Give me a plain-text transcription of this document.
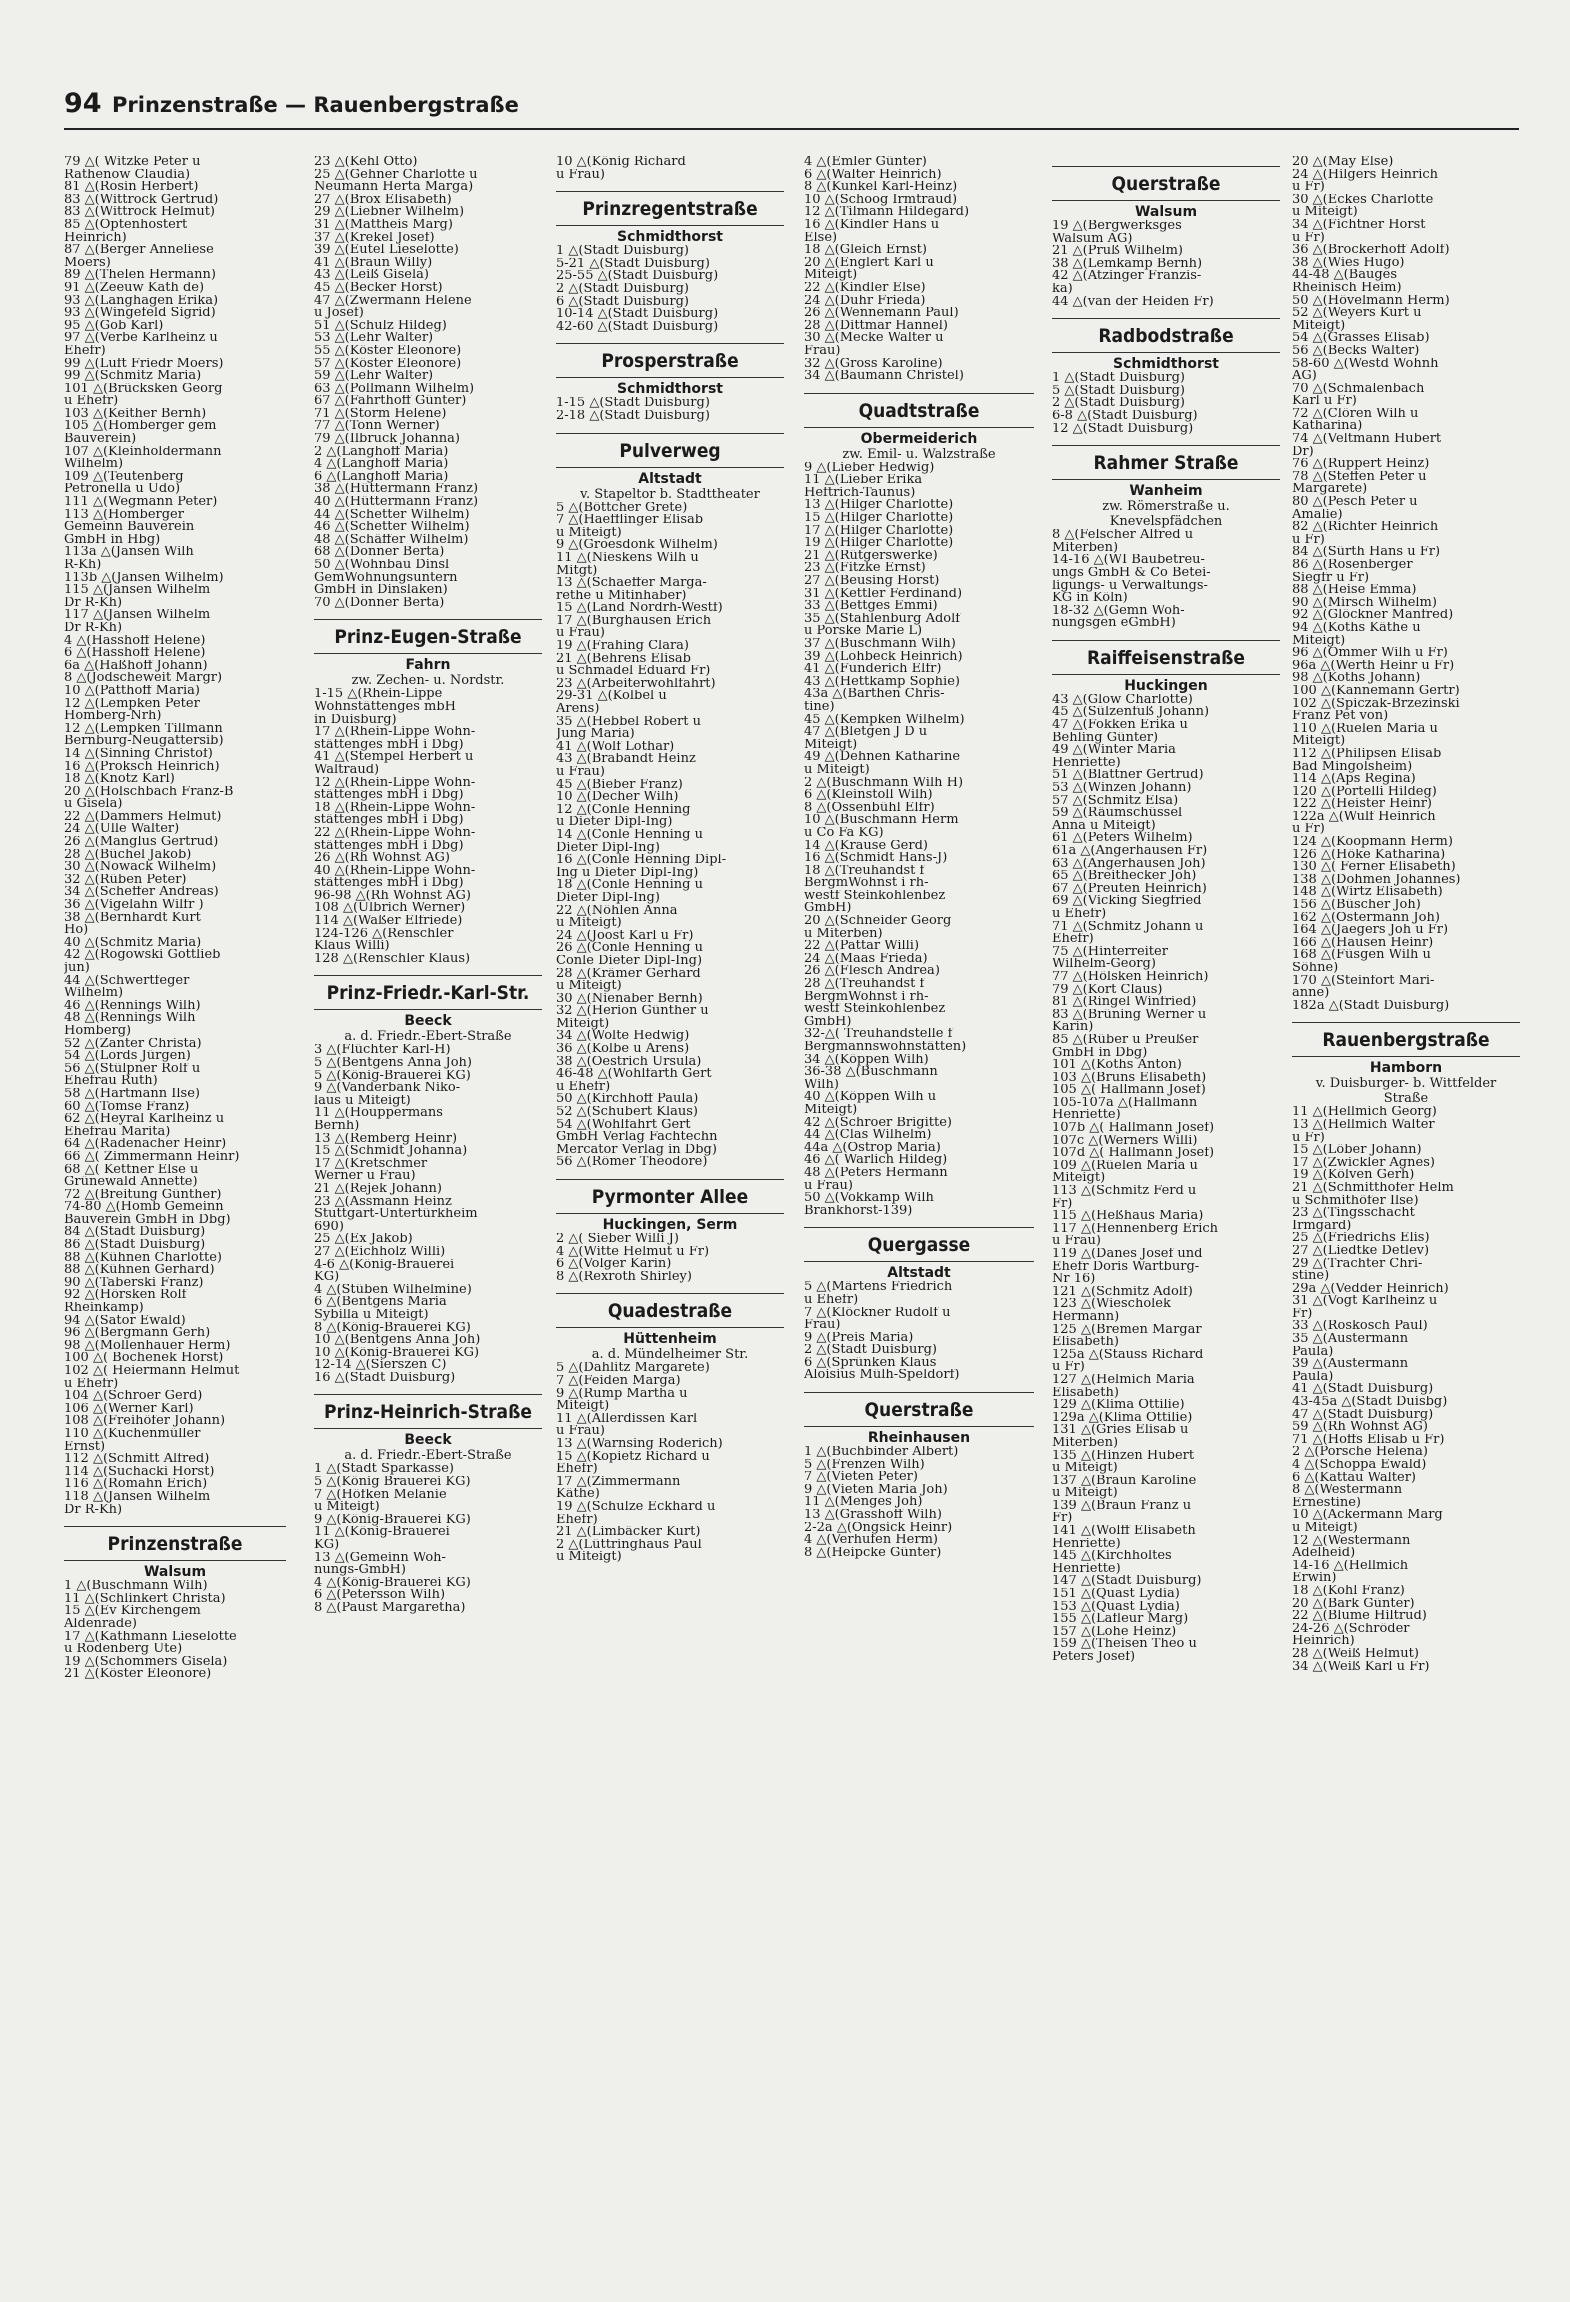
94 Prinzenstraße — Rauenbergstraße
79 △( Witzke Peter u
Rathenow Claudia)
81 △(Rosin Herbert)
83 △(Wittrock Gertrud)
83 △(Wittrock Helmut)
85 △(Optenhostert
Heinrich)
87 △(Berger Anneliese
Moers)
89 △(Thelen Hermann)
91 △(Zeeuw Kath de)
93 △(Langhagen Erika)
93 △(Wingefeld Sigrid)
95 △(Gob Karl)
97 △(Verbe Karlheinz u
Ehefr)
99 △(Luft Friedr Moers)
99 △(Schmitz Maria)
101 △(Brücksken Georg
u Ehefr)
103 △(Keither Bernh)
105 △(Homberger gem
Bauverein)
107 △(Kleinholdermann
Wilhelm)
109 △(Teutenberg
Petronella u Udo)
111 △(Wegmann Peter)
113 △(Homberger
Gemeinn Bauverein
GmbH in Hbg)
113a △(Jansen Wilh
R-Kh)
113b △(Jansen Wilhelm)
115 △(Jansen Wilhelm
Dr R-Kh)
117 △(Jansen Wilhelm
Dr R-Kh)
4 △(Hasshoff Helene)
6 △(Hasshoff Helene)
6a △(Haßhoff Johann)
8 △(Jodscheweit Margr)
10 △(Patthoff Maria)
12 △(Lempken Peter
Homberg-Nrh)
12 △(Lempken Tillmann
Bernburg-Neugattersib)
14 △(Sinning Christof)
16 △(Proksch Heinrich)
18 △(Knotz Karl)
20 △(Holschbach Franz-B
u Gisela)
22 △(Dammers Helmut)
24 △(Ulle Walter)
26 △(Manglus Gertrud)
28 △(Büchel Jakob)
30 △(Nowack Wilhelm)
32 △(Rüben Peter)
34 △(Scheffer Andreas)
36 △(Vigelahn Wilfr )
38 △(Bernhardt Kurt
Ho)
40 △(Schmitz Maria)
42 △(Rogowski Gottlieb
jun)
44 △(Schwertfeger
Wilhelm)
46 △(Rennings Wilh)
48 △(Rennings Wilh
Homberg)
52 △(Zanter Christa)
54 △(Lords Jürgen)
56 △(Stülpner Rolf u
Ehefrau Ruth)
58 △(Hartmann Ilse)
60 △(Tomse Franz)
62 △(Heyral Karlheinz u
Ehefrau Marita)
64 △(Radenacher Heinr)
66 △( Zimmermann Heinr)
68 △( Kettner Else u
Grünewald Annette)
72 △(Breitung Günther)
74-80 △(Homb Gemeinn
Bauverein GmbH in Dbg)
84 △(Stadt Duisburg)
86 △(Stadt Duisburg)
88 △(Kühnen Charlotte)
88 △(Kühnen Gerhard)
90 △(Taberski Franz)
92 △(Hörsken Rolf
Rheinkamp)
94 △(Sator Ewald)
96 △(Bergmann Gerh)
98 △(Mollenhauer Herm)
100 △( Bochenek Horst)
102 △( Heiermann Helmut
u Ehefr)
104 △(Schroer Gerd)
106 △(Werner Karl)
108 △(Freihöfer Johann)
110 △(Kuchenmüller
Ernst)
112 △(Schmitt Alfred)
114 △(Suchacki Horst)
116 △(Romahn Erich)
118 △(Jansen Wilhelm
Dr R-Kh)
Prinzenstraße
Walsum
1 △(Buschmann Wilh)
11 △(Schlinkert Christa)
15 △(Ev Kirchengem
Aldenrade)
17 △(Kathmann Lieselotte
u Rodenberg Ute)
19 △(Schommers Gisela)
21 △(Köster Eleonore)
23 △(Kehl Otto)
25 △(Gehner Charlotte u
Neumann Herta Marga)
27 △(Brox Elisabeth)
29 △(Liebner Wilhelm)
31 △(Mattheis Marg)
37 △(Krekel Josef)
39 △(Eutel Lieselotte)
41 △(Braun Willy)
43 △(Leiß Gisela)
45 △(Becker Horst)
47 △(Zwermann Helene
u Josef)
51 △(Schulz Hildeg)
53 △(Lehr Walter)
55 △(Köster Eleonore)
57 △(Köster Eleonore)
59 △(Lehr Walter)
63 △(Pollmann Wilhelm)
67 △(Fahrthoff Günter)
71 △(Storm Helene)
77 △(Tonn Werner)
79 △(Ilbruck Johanna)
2 △(Langhoff Maria)
4 △(Langhoff Maria)
6 △(Langhoff Maria)
38 △(Hüttermann Franz)
40 △(Hüttermann Franz)
44 △(Schetter Wilhelm)
46 △(Schetter Wilhelm)
48 △(Schäffer Wilhelm)
68 △(Donner Berta)
50 △(Wohnbau Dinsl
GemWohnungsuntern
GmbH in Dinslaken)
70 △(Donner Berta)
Prinz-Eugen-Straße
Fahrn
zw. Zechen- u. Nordstr.
1-15 △(Rhein-Lippe
Wohnstättenges mbH
in Duisburg)
17 △(Rhein-Lippe Wohn-
stättenges mbH i Dbg)
41 △(Stempel Herbert u
Waltraud)
12 △(Rhein-Lippe Wohn-
stättenges mbH i Dbg)
18 △(Rhein-Lippe Wohn-
stättenges mbH i Dbg)
22 △(Rhein-Lippe Wohn-
stättenges mbH i Dbg)
26 △(Rh Wohnst AG)
40 △(Rhein-Lippe Wohn-
stättenges mbH i Dbg)
96-98 △(Rh Wohnst AG)
108 △(Ulbrich Werner)
114 △(Waßer Elfriede)
124-126 △(Renschler
Klaus Willi)
128 △(Renschler Klaus)
Prinz-Friedr.-Karl-Str.
Beeck
a. d. Friedr.-Ebert-Straße
3 △(Flüchter Karl-H)
5 △(Bentgens Anna Joh)
5 △(König-Brauerei KG)
9 △(Vanderbank Niko-
laus u Miteigt)
11 △(Houppermans
Bernh)
13 △(Remberg Heinr)
15 △(Schmidt Johanna)
17 △(Kretschmer
Werner u Frau)
21 △(Rejek Johann)
23 △(Assmann Heinz
Stuttgart-Untertürkheim
690)
25 △(Ex Jakob)
27 △(Eichholz Willi)
4-6 △(König-Brauerei
KG)
4 △(Stüben Wilhelmine)
6 △(Bentgens Maria
Sybilla u Miteigt)
8 △(König-Brauerei KG)
10 △(Bentgens Anna Joh)
10 △(König-Brauerei KG)
12-14 △(Sierszen C)
16 △(Stadt Duisburg)
Prinz-Heinrich-Straße
Beeck
a. d. Friedr.-Ebert-Straße
1 △(Stadt Sparkasse)
5 △(König Brauerei KG)
7 △(Höfken Melanie
u Miteigt)
9 △(König-Brauerei KG)
11 △(König-Brauerei
KG)
13 △(Gemeinn Woh-
nungs-GmbH)
4 △(König-Brauerei KG)
6 △(Petersson Wilh)
8 △(Paust Margaretha)
10 △(König Richard
u Frau)
Prinzregentstraße
Schmidthorst
1 △(Stadt Duisburg)
5-21 △(Stadt Duisburg)
25-55 △(Stadt Duisburg)
2 △(Stadt Duisburg)
6 △(Stadt Duisburg)
10-14 △(Stadt Duisburg)
42-60 △(Stadt Duisburg)
Prosperstraße
Schmidthorst
1-15 △(Stadt Duisburg)
2-18 △(Stadt Duisburg)
Pulverweg
Altstadt
v. Stapeltor b. Stadttheater
5 △(Böttcher Grete)
7 △(Haefflinger Elisab
u Miteigt)
9 △(Groesdonk Wilhelm)
11 △(Nieskens Wilh u
Mitgt)
13 △(Schaeffer Marga-
rethe u Mitinhaber)
15 △(Land Nordrh-Westf)
17 △(Burghausen Erich
u Frau)
19 △(Frahing Clara)
21 △(Behrens Elisab
u Schmadel Eduard Fr)
23 △(Arbeiterwohlfahrt)
29-31 △(Kolbel u
Arens)
35 △(Hebbel Robert u
Jung Maria)
41 △(Wolf Lothar)
43 △(Brabandt Heinz
u Frau)
45 △(Bieber Franz)
10 △(Decher Wilh)
12 △(Conle Henning
u Dieter Dipl-Ing)
14 △(Conle Henning u
Dieter Dipl-Ing)
16 △(Conle Henning Dipl-
Ing u Dieter Dipl-Ing)
18 △(Conle Henning u
Dieter Dipl-Ing)
22 △(Nöhlen Anna
u Miteigt)
24 △(Joost Karl u Fr)
26 △(Conle Henning u
Conle Dieter Dipl-Ing)
28 △(Krämer Gerhard
u Miteigt)
30 △(Nienaber Bernh)
32 △(Herion Günther u
Miteigt)
34 △(Wolte Hedwig)
36 △(Kolbe u Arens)
38 △(Oestrich Ursula)
46-48 △(Wohlfarth Gert
u Ehefr)
50 △(Kirchhoff Paula)
52 △(Schubert Klaus)
54 △(Wohlfahrt Gert
GmbH Verlag Fachtechn
Mercator Verlag in Dbg)
56 △(Römer Theodore)
Pyrmonter Allee
Huckingen, Serm
2 △( Sieber Willi J)
4 △(Witte Helmut u Fr)
6 △(Volger Karin)
8 △(Rexroth Shirley)
Quadestraße
Hüttenheim
a. d. Mündelheimer Str.
5 △(Dahlitz Margarete)
7 △(Feiden Marga)
9 △(Rump Martha u
Miteigt)
11 △(Allerdissen Karl
u Frau)
13 △(Warnsing Roderich)
15 △(Kopietz Richard u
Ehefr)
17 △(Zimmermann
Käthe)
19 △(Schulze Eckhard u
Ehefr)
21 △(Limbäcker Kurt)
2 △(Lüttringhaus Paul
u Miteigt)
4 △(Emler Günter)
6 △(Walter Heinrich)
8 △(Kunkel Karl-Heinz)
10 △(Schoog Irmtraud)
12 △(Tilmann Hildegard)
16 △(Kindler Hans u
Else)
18 △(Gleich Ernst)
20 △(Englert Karl u
Miteigt)
22 △(Kindler Else)
24 △(Duhr Frieda)
26 △(Wennemann Paul)
28 △(Dittmar Hannel)
30 △(Mecke Walter u
Frau)
32 △(Gross Karoline)
34 △(Baumann Christel)
Quadtstraße
Obermeiderich
zw. Emil- u. Walzstraße
9 △(Lieber Hedwig)
11 △(Lieber Erika
Heftrich-Taunus)
13 △(Hilger Charlotte)
15 △(Hilger Charlotte)
17 △(Hilger Charlotte)
19 △(Hilger Charlotte)
21 △(Rütgerswerke)
23 △(Fitzke Ernst)
27 △(Beusing Horst)
31 △(Kettler Ferdinand)
33 △(Bettges Emmi)
35 △(Stahlenburg Adolf
u Porske Marie L)
37 △(Buschmann Wilh)
39 △(Lohbeck Heinrich)
41 △(Funderich Elfr)
43 △(Hettkamp Sophie)
43a △(Barthen Chris-
tine)
45 △(Kempken Wilhelm)
47 △(Bletgen J D u
Miteigt)
49 △(Dehnen Katharine
u Miteigt)
2 △(Buschmann Wilh H)
6 △(Kleinstoll Wilh)
8 △(Ossenbühl Elfr)
10 △(Buschmann Herm
u Co Fa KG)
14 △(Krause Gerd)
16 △(Schmidt Hans-J)
18 △(Treuhandst f
BergmWohnst i rh-
westf Steinkohlenbez
GmbH)
20 △(Schneider Georg
u Miterben)
22 △(Pattar Willi)
24 △(Maas Frieda)
26 △(Flesch Andrea)
28 △(Treuhandst f
BergmWohnst i rh-
westf Steinkohlenbez
GmbH)
32-△( Treuhandstelle f
Bergmannswohnstätten)
34 △(Köppen Wilh)
36-38 △(Buschmann
Wilh)
40 △(Köppen Wilh u
Miteigt)
42 △(Schroer Brigitte)
44 △(Clas Wilhelm)
44a △(Ostrop Maria)
46 △( Warlich Hildeg)
48 △(Peters Hermann
u Frau)
50 △(Vokkamp Wilh
Brankhorst-139)
Quergasse
Altstadt
5 △(Märtens Friedrich
u Ehefr)
7 △(Klöckner Rudolf u
Frau)
9 △(Preis Maria)
2 △(Stadt Duisburg)
6 △(Sprünken Klaus
Aloisius Mülh-Speldorf)
Querstraße
Rheinhausen
1 △(Buchbinder Albert)
5 △(Frenzen Wilh)
7 △(Vieten Peter)
9 △(Vieten Maria Joh)
11 △(Menges Joh)
13 △(Grasshoff Wilh)
2-2a △(Ongsick Heinr)
4 △(Verhufen Herm)
8 △(Heipcke Günter)
Querstraße
Walsum
19 △(Bergwerksges
Walsum AG)
21 △(Pruß Wilhelm)
38 △(Lemkamp Bernh)
42 △(Atzinger Franzis-
ka)
44 △(van der Heiden Fr)
Radbodstraße
Schmidthorst
1 △(Stadt Duisburg)
5 △(Stadt Duisburg)
2 △(Stadt Duisburg)
6-8 △(Stadt Duisburg)
12 △(Stadt Duisburg)
Rahmer Straße
Wanheim
zw. Römerstraße u. Knevelspfädchen
8 △(Felscher Alfred u
Miterben)
14-16 △(WI Baubetreu-
ungs GmbH & Co Betei-
ligungs- u Verwaltungs-
KG in Köln)
18-32 △(Gemn Woh-
nungsgen eGmbH)
Raiffeisenstraße
Huckingen
43 △(Glow Charlotte)
45 △(Sülzenfuß Johann)
47 △(Fokken Erika u
Behling Günter)
49 △(Winter Maria
Henriette)
51 △(Blattner Gertrud)
53 △(Winzen Johann)
57 △(Schmitz Elsa)
59 △(Räumschüssel
Anna u Miteigt)
61 △(Peters Wilhelm)
61a △(Angerhausen Fr)
63 △(Angerhausen Joh)
65 △(Breithecker Joh)
67 △(Preuten Heinrich)
69 △(Vicking Siegfried
u Ehefr)
71 △(Schmitz Johann u
Ehefr)
75 △(Hinterreiter
Wilhelm-Georg)
77 △(Hölsken Heinrich)
79 △(Kort Claus)
81 △(Ringel Winfried)
83 △(Brüning Werner u
Karin)
85 △(Rüber u Preußer
GmbH in Dbg)
101 △(Koths Anton)
103 △(Bruns Elisabeth)
105 △( Hallmann Josef)
105-107a △(Hallmann
Henriette)
107b △( Hallmann Josef)
107c △(Werners Willi)
107d △( Hallmann Josef)
109 △(Rüelen Maria u
Miteigt)
113 △(Schmitz Ferd u
Fr)
115 △(Heßhaus Maria)
117 △(Hennenberg Erich
u Frau)
119 △(Danes Josef und
Ehefr Doris Wartburg-
Nr 16)
121 △(Schmitz Adolf)
123 △(Wiescholek
Hermann)
125 △(Bremen Margar
Elisabeth)
125a △(Stauss Richard
u Fr)
127 △(Helmich Maria
Elisabeth)
129 △(Klima Ottilie)
129a △(Klima Ottilie)
131 △(Gries Elisab u
Miterben)
135 △(Hinzen Hubert
u Miteigt)
137 △(Braun Karoline
u Miteigt)
139 △(Braun Franz u
Fr)
141 △(Wolff Elisabeth
Henriette)
145 △(Kirchholtes
Henriette)
147 △(Stadt Duisburg)
151 △(Quast Lydia)
153 △(Quast Lydia)
155 △(Lafleur Marg)
157 △(Lohe Heinz)
159 △(Theisen Theo u
Peters Josef)
20 △(May Else)
24 △(Hilgers Heinrich
u Fr)
30 △(Eckes Charlotte
u Miteigt)
34 △(Fichtner Horst
u Fr)
36 △(Brockerhoff Adolf)
38 △(Wies Hugo)
44-48 △(Bauges
Rheinisch Heim)
50 △(Hövelmann Herm)
52 △(Weyers Kurt u
Miteigt)
54 △(Grasses Elisab)
56 △(Becks Walter)
58-60 △(Westd Wohnh
AG)
70 △(Schmalenbach
Karl u Fr)
72 △(Clören Wilh u
Katharina)
74 △(Veltmann Hubert
Dr)
76 △(Ruppert Heinz)
78 △(Steffen Peter u
Margarete)
80 △(Pesch Peter u
Amalie)
82 △(Richter Heinrich
u Fr)
84 △(Sürth Hans u Fr)
86 △(Rosenberger
Siegfr u Fr)
88 △(Heise Emma)
90 △(Mirsch Wilhelm)
92 △(Glöckner Manfred)
94 △(Koths Käthe u
Miteigt)
96 △(Ommer Wilh u Fr)
96a △(Werth Heinr u Fr)
98 △(Koths Johann)
100 △(Kannemann Gertr)
102 △(Spiczak-Brzezinski
Franz Pet von)
110 △(Ruelen Maria u
Miteigt)
112 △(Philipsen Elisab
Bad Mingolsheim)
114 △(Aps Regina)
120 △(Portelli Hildeg)
122 △(Heister Heinr)
122a △(Wulf Heinrich
u Fr)
124 △(Koopmann Herm)
126 △(Höke Katharina)
130 △( Ferner Elisabeth)
138 △(Dohmen Johannes)
148 △(Wirtz Elisabeth)
156 △(Büscher Joh)
162 △(Ostermann Joh)
164 △(Jaegers Joh u Fr)
166 △(Hausen Heinr)
168 △(Füsgen Wilh u
Söhne)
170 △(Steinfort Mari-
anne)
182a △(Stadt Duisburg)
Rauenbergstraße
Hamborn
v. Duisburger- b. Wittfelder Straße
11 △(Hellmich Georg)
13 △(Hellmich Walter
u Fr)
15 △(Löber Johann)
17 △(Zwickler Agnes)
19 △(Kölven Gerh)
21 △(Schmitthofer Helm
u Schmithöfer Ilse)
23 △(Tingsschacht
Irmgard)
25 △(Friedrichs Elis)
27 △(Liedtke Detlev)
29 △(Trachter Chri-
stine)
29a △(Vedder Heinrich)
31 △(Vogt Karlheinz u
Fr)
33 △(Roskosch Paul)
35 △(Austermann
Paula)
39 △(Austermann
Paula)
41 △(Stadt Duisburg)
43-45a △(Stadt Duisbg)
47 △(Stadt Duisburg)
59 △(Rh Wohnst AG)
71 △(Hoffs Elisab u Fr)
2 △(Porsche Helena)
4 △(Schoppa Ewald)
6 △(Kattau Walter)
8 △(Westermann
Ernestine)
10 △(Ackermann Marg
u Miteigt)
12 △(Westermann
Adelheid)
14-16 △(Hellmich
Erwin)
18 △(Kohl Franz)
20 △(Bark Günter)
22 △(Blume Hiltrud)
24-26 △(Schröder
Heinrich)
28 △(Weiß Helmut)
34 △(Weiß Karl u Fr)
